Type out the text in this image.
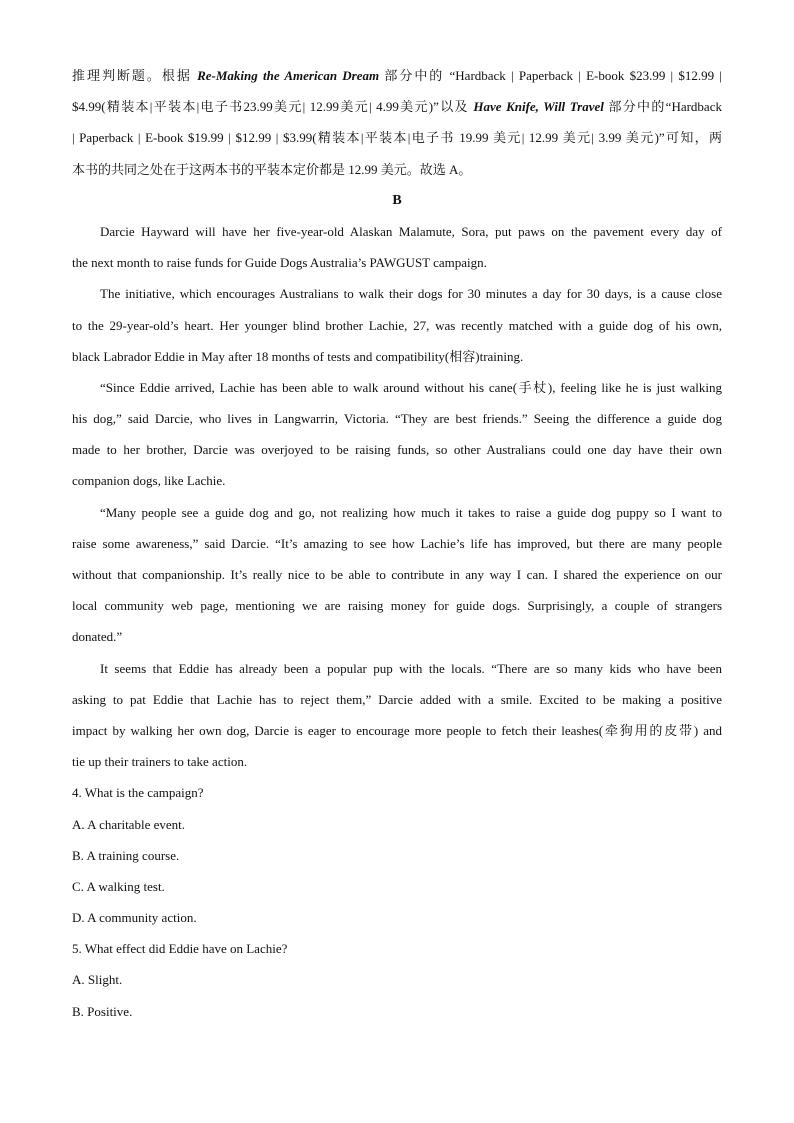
推理判断题。根据 Re-Making the American Dream 部分中的 “Hardback | Paperback | E-book $23.99 | $12.99 |
$4.99(精装本|平装本|电子书23.99美元| 12.99美元| 4.99美元)”以及 Have Knife, Will Travel 部分中的“Hardback
| Paperback | E-book $19.99 | $12.99 | $3.99(精装本|平装本|电子书 19.99 美元| 12.99 美元| 3.99 美元)”可知，两
本书的共同之处在于这两本书的平装本定价都是 12.99 美元。故选 A。
B
Darcie Hayward will have her five-year-old Alaskan Malamute, Sora, put paws on the pavement every day of
the next month to raise funds for Guide Dogs Australia’s PAWGUST campaign.
The initiative, which encourages Australians to walk their dogs for 30 minutes a day for 30 days, is a cause close
to the 29-year-old’s heart. Her younger blind brother Lachie, 27, was recently matched with a guide dog of his own,
black Labrador Eddie in May after 18 months of tests and compatibility(相容)training.
“Since Eddie arrived, Lachie has been able to walk around without his cane(手杖), feeling like he is just walking
his dog,” said Darcie, who lives in Langwarrin, Victoria. “They are best friends.” Seeing the difference a guide dog
made to her brother, Darcie was overjoyed to be raising funds, so other Australians could one day have their own
companion dogs, like Lachie.
“Many people see a guide dog and go, not realizing how much it takes to raise a guide dog puppy so I want to
raise some awareness,” said Darcie. “It’s amazing to see how Lachie’s life has improved, but there are many people
without that companionship. It’s really nice to be able to contribute in any way I can. I shared the experience on our
local community web page, mentioning we are raising money for guide dogs. Surprisingly, a couple of strangers
donated.”
It seems that Eddie has already been a popular pup with the locals. “There are so many kids who have been
asking to pat Eddie that Lachie has to reject them,” Darcie added with a smile. Excited to be making a positive
impact by walking her own dog, Darcie is eager to encourage more people to fetch their leashes(牵狗用的皮带) and
tie up their trainers to take action.
4. What is the campaign?
A. A charitable event.
B. A training course.
C. A walking test.
D. A community action.
5. What effect did Eddie have on Lachie?
A. Slight.
B. Positive.
